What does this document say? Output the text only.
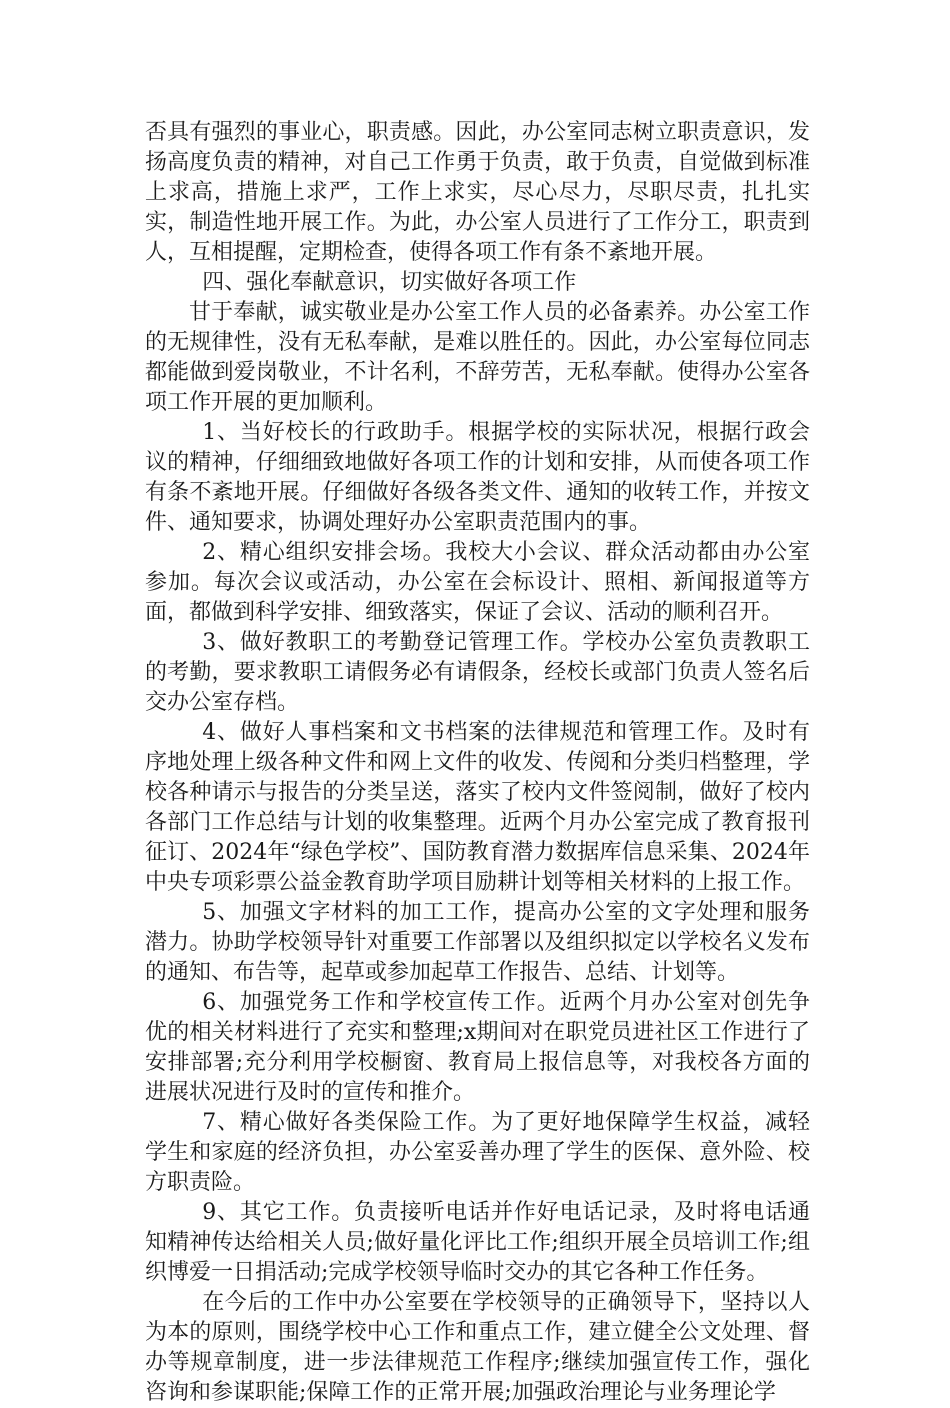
否具有强烈的事业心，职责感。因此，办公室同志树立职责意识，发扬高度负责的精神，对自己工作勇于负责，敢于负责，自觉做到标准上求高，措施上求严，工作上求实，尽心尽力，尽职尽责，扎扎实实，制造性地开展工作。为此，办公室人员进行了工作分工，职责到人，互相提醒，定期检查，使得各项工作有条不紊地开展。

四、强化奉献意识，切实做好各项工作

甘于奉献，诚实敬业是办公室工作人员的必备素养。办公室工作的无规律性，没有无私奉献，是难以胜任的。因此，办公室每位同志都能做到爱岗敬业，不计名利，不辞劳苦，无私奉献。使得办公室各项工作开展的更加顺利。

1、当好校长的行政助手。根据学校的实际状况，根据行政会议的精神，仔细细致地做好各项工作的计划和安排，从而使各项工作有条不紊地开展。仔细做好各级各类文件、通知的收转工作，并按文件、通知要求，协调处理好办公室职责范围内的事。

2、精心组织安排会场。我校大小会议、群众活动都由办公室参加。每次会议或活动，办公室在会标设计、照相、新闻报道等方面，都做到科学安排、细致落实，保证了会议、活动的顺利召开。

3、做好教职工的考勤登记管理工作。学校办公室负责教职工的考勤，要求教职工请假务必有请假条，经校长或部门负责人签名后交办公室存档。

4、做好人事档案和文书档案的法律规范和管理工作。及时有序地处理上级各种文件和网上文件的收发、传阅和分类归档整理，学校各种请示与报告的分类呈送，落实了校内文件签阅制，做好了校内各部门工作总结与计划的收集整理。近两个月办公室完成了教育报刊征订、2024年“绿色学校”、国防教育潜力数据库信息采集、2024年中央专项彩票公益金教育助学项目励耕计划等相关材料的上报工作。

5、加强文字材料的加工工作，提高办公室的文字处理和服务潜力。协助学校领导针对重要工作部署以及组织拟定以学校名义发布的通知、布告等，起草或参加起草工作报告、总结、计划等。

6、加强党务工作和学校宣传工作。近两个月办公室对创先争优的相关材料进行了充实和整理;x期间对在职党员进社区工作进行了安排部署;充分利用学校橱窗、教育局上报信息等，对我校各方面的进展状况进行及时的宣传和推介。

7、精心做好各类保险工作。为了更好地保障学生权益，减轻学生和家庭的经济负担，办公室妥善办理了学生的医保、意外险、校方职责险。

9、其它工作。负责接听电话并作好电话记录，及时将电话通知精神传达给相关人员;做好量化评比工作;组织开展全员培训工作;组织博爱一日捐活动;完成学校领导临时交办的其它各种工作任务。

在今后的工作中办公室要在学校领导的正确领导下，坚持以人为本的原则，围绕学校中心工作和重点工作，建立健全公文处理、督办等规章制度，进一步法律规范工作程序;继续加强宣传工作，强化咨询和参谋职能;保障工作的正常开展;加强政治理论与业务理论学
